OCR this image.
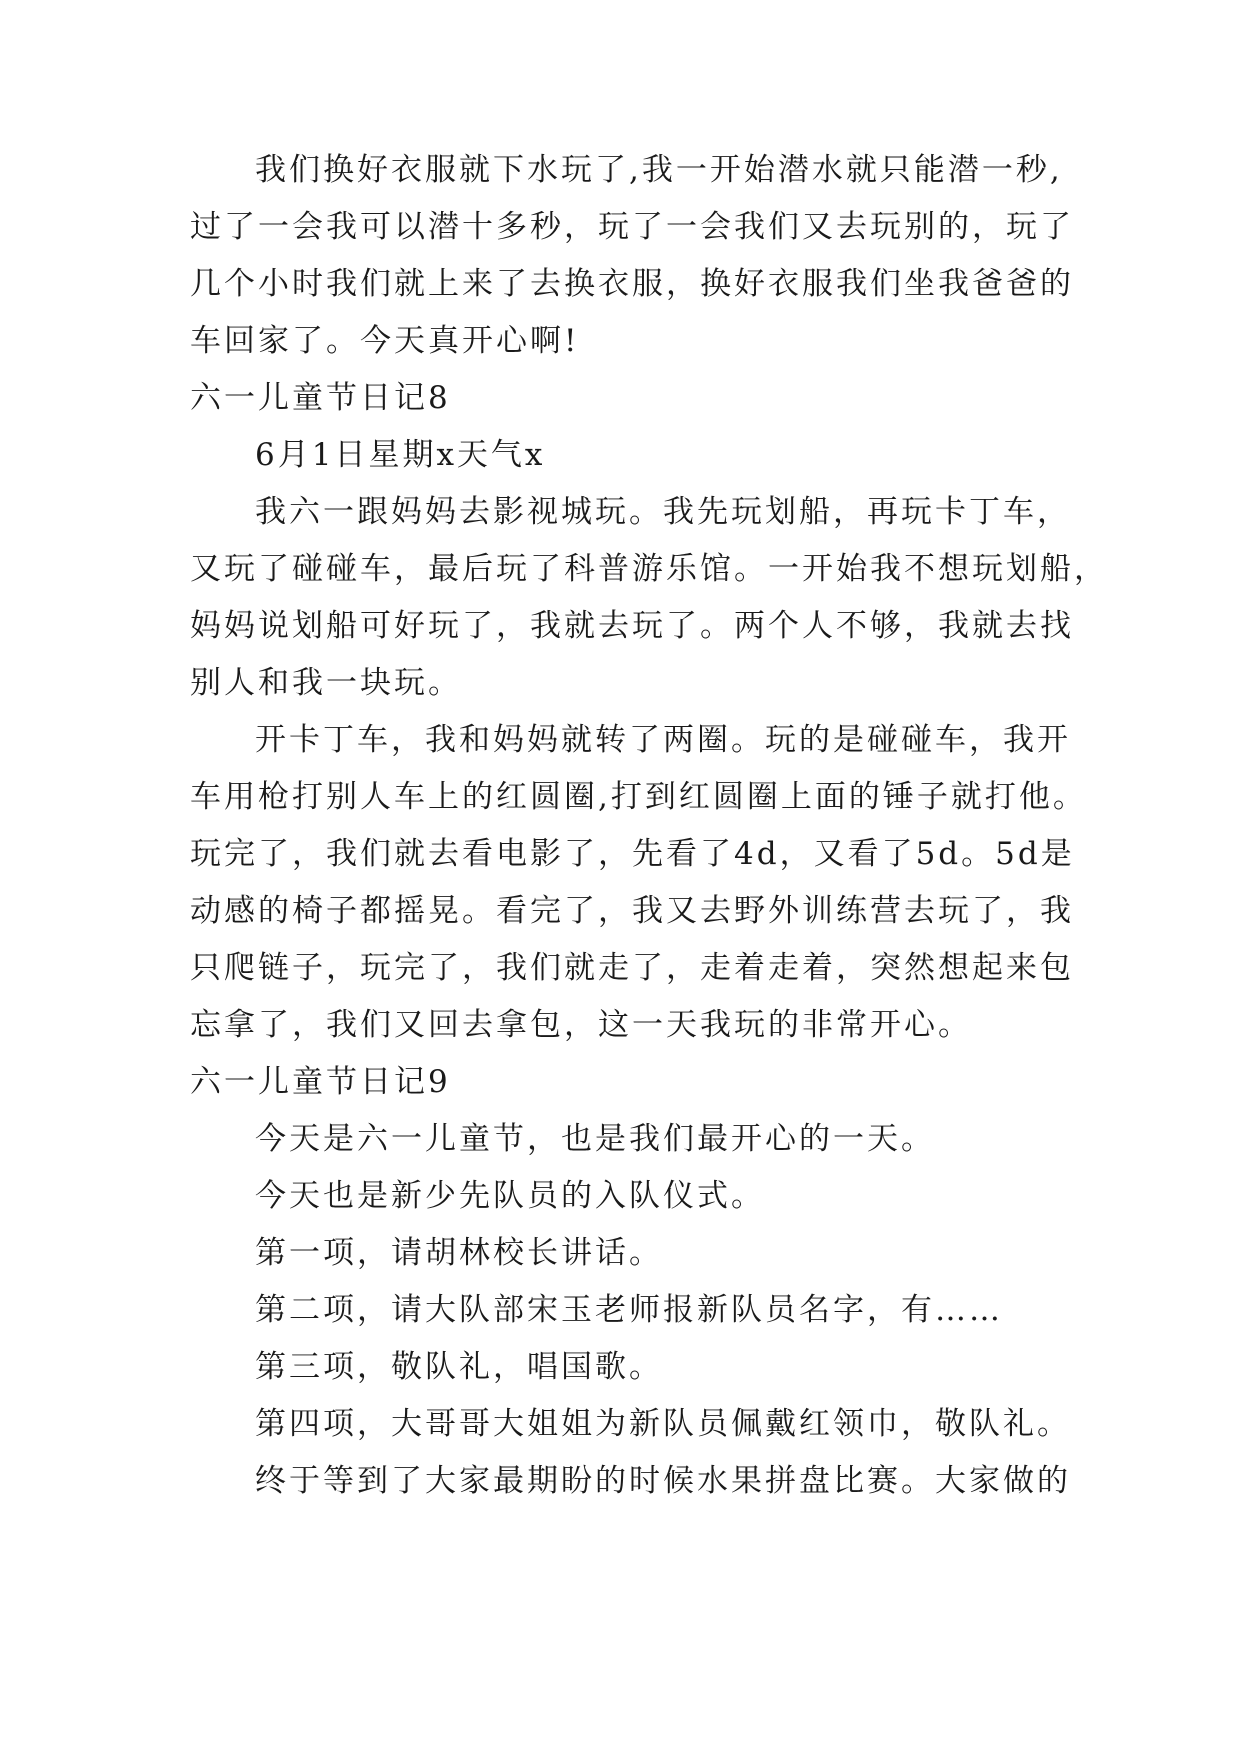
我们换好衣服就下水玩了,我一开始潜水就只能潜一秒,
过了一会我可以潜十多秒，玩了一会我们又去玩别的，玩了
几个小时我们就上来了去换衣服，换好衣服我们坐我爸爸的
车回家了。今天真开心啊!
六一儿童节日记8
6月1日星期x天气x
我六一跟妈妈去影视城玩。我先玩划船，再玩卡丁车，
又玩了碰碰车，最后玩了科普游乐馆。一开始我不想玩划船，
妈妈说划船可好玩了，我就去玩了。两个人不够，我就去找
别人和我一块玩。
开卡丁车，我和妈妈就转了两圈。玩的是碰碰车，我开
车用枪打别人车上的红圆圈,打到红圆圈上面的锤子就打他。
玩完了，我们就去看电影了，先看了4d，又看了5d。5d是
动感的椅子都摇晃。看完了，我又去野外训练营去玩了，我
只爬链子，玩完了，我们就走了，走着走着，突然想起来包
忘拿了，我们又回去拿包，这一天我玩的非常开心。
六一儿童节日记9
今天是六一儿童节，也是我们最开心的一天。
今天也是新少先队员的入队仪式。
第一项，请胡林校长讲话。
第二项，请大队部宋玉老师报新队员名字，有……
第三项，敬队礼，唱国歌。
第四项，大哥哥大姐姐为新队员佩戴红领巾，敬队礼。
终于等到了大家最期盼的时候水果拼盘比赛。大家做的
